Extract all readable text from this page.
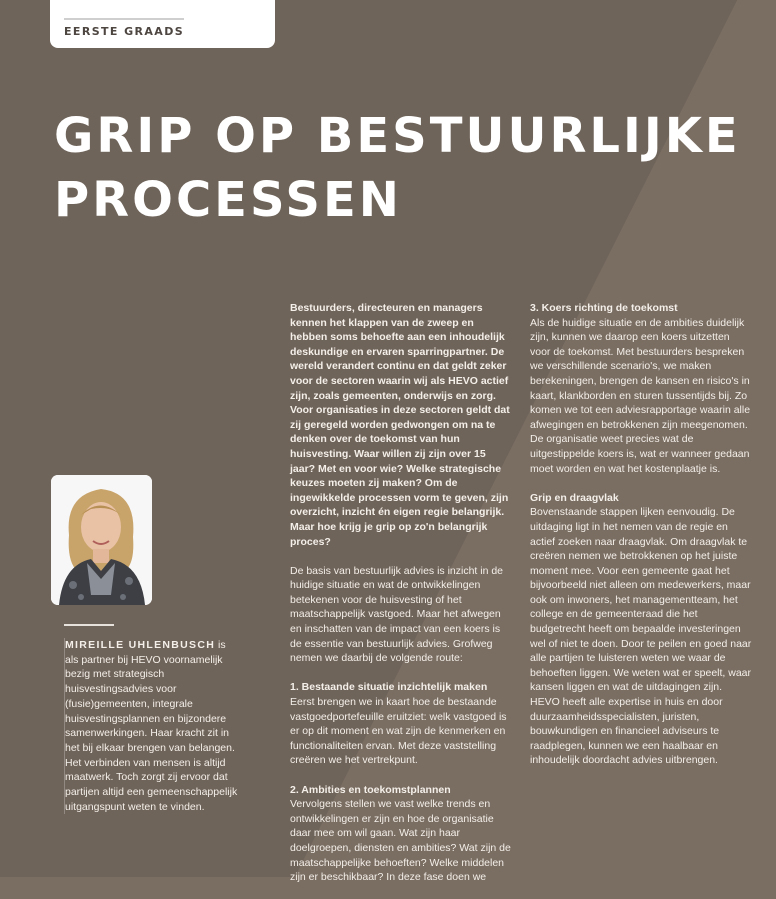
EERSTE GRAADS
GRIP OP BESTUURLIJKE
PROCESSEN
MIREILLE UHLENBUSCH is als partner bij HEVO voornamelijk bezig met strategisch huisvestingsadvies voor (fusie)gemeenten, integrale huisvestingsplannen en bijzondere samenwerkingen. Haar kracht zit in het bij elkaar brengen van belangen. Het verbinden van mensen is altijd maatwerk. Toch zorgt zij ervoor dat partijen altijd een gemeenschappelijk uitgangspunt weten te vinden.

Bestuurders, directeuren en managers kennen het klappen van de zweep en hebben soms behoefte aan een inhoudelijk deskundige en ervaren sparringpartner. De wereld verandert continu en dat geldt zeker voor de sectoren waarin wij als HEVO actief zijn, zoals gemeenten, onderwijs en zorg. Voor organisaties in deze sectoren geldt dat zij geregeld worden gedwongen om na te denken over de toekomst van hun huisvesting. Waar willen zij zijn over 15 jaar? Met en voor wie? Welke strategische keuzes moeten zij maken? Om de ingewikkelde processen vorm te geven, zijn overzicht, inzicht én eigen regie belangrijk. Maar hoe krijg je grip op zo'n belangrijk proces?

De basis van bestuurlijk advies is inzicht in de huidige situatie en wat de ontwikkelingen betekenen voor de huisvesting of het maatschappelijk vastgoed. Maar het afwegen en inschatten van de impact van een koers is de essentie van bestuurlijk advies. Grofweg nemen we daarbij de volgende route:

1. Bestaande situatie inzichtelijk maken

Eerst brengen we in kaart hoe de bestaande vastgoedportefeuille eruitziet: welk vastgoed is er op dit moment en wat zijn de kenmerken en functionaliteiten ervan. Met deze vaststelling creëren we het vertrekpunt.

2. Ambities en toekomstplannen

Vervolgens stellen we vast welke trends en ontwikkelingen er zijn en hoe de organisatie daar mee om wil gaan. Wat zijn haar doelgroepen, diensten en ambities? Wat zijn de maatschappelijke behoeften? Welke middelen zijn er beschikbaar? In deze fase doen we

3. Koers richting de toekomst

Als de huidige situatie en de ambities duidelijk zijn, kunnen we daarop een koers uitzetten voor de toekomst. Met bestuurders bespreken we verschillende scenario's, we maken berekeningen, brengen de kansen en risico's in kaart, klankborden en sturen tussentijds bij. Zo komen we tot een adviesrapportage waarin alle afwegingen en betrokkenen zijn meegenomen. De organisatie weet precies wat de uitgestippelde koers is, wat er wanneer gedaan moet worden en wat het kostenplaatje is.

Grip en draagvlak

Bovenstaande stappen lijken eenvoudig. De uitdaging ligt in het nemen van de regie en actief zoeken naar draagvlak. Om draagvlak te creëren nemen we betrokkenen op het juiste moment mee. Voor een gemeente gaat het bijvoorbeeld niet alleen om medewerkers, maar ook om inwoners, het managementteam, het college en de gemeenteraad die het budgetrecht heeft om bepaalde investeringen wel of niet te doen. Door te peilen en goed naar alle partijen te luisteren weten we waar de behoeften liggen. We weten wat er speelt, waar kansen liggen en wat de uitdagingen zijn. HEVO heeft alle expertise in huis en door duurzaamheidsspecialisten, juristen, bouwkundigen en financieel adviseurs te raadplegen, kunnen we een haalbaar en inhoudelijk doordacht advies uitbrengen.
